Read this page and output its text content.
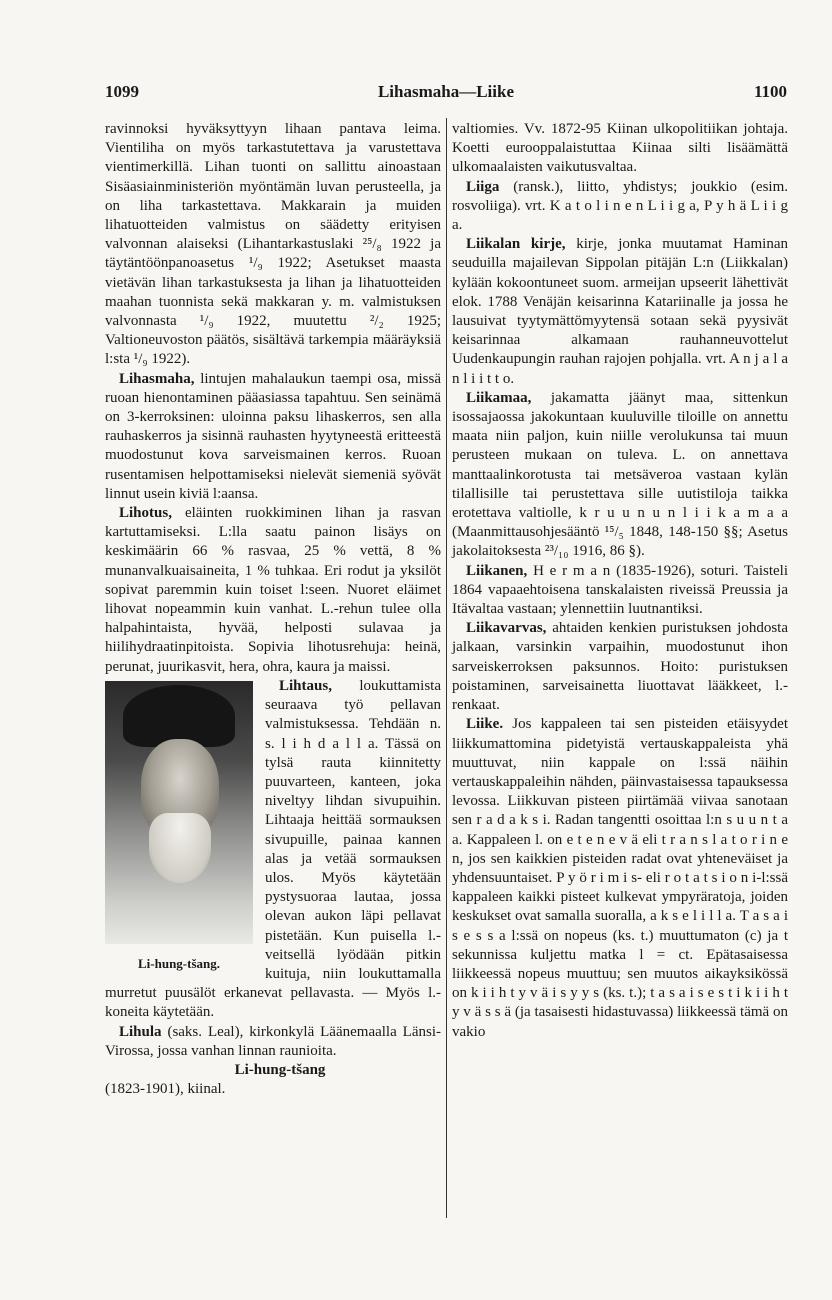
1099	Lihasmaha—Liike	1100

ravinnoksi hyväksyttyyn lihaan pantava leima. Vientiliha on myös tarkastutettava ja varustettava vientimerkillä. Lihan tuonti on sallittu ainoastaan Sisäasiainministeriön myöntämän luvan perusteella, ja on liha tarkastettava. Makkarain ja muiden lihatuotteiden valmistus on säädetty erityisen valvonnan alaiseksi (Lihantarkastuslaki ²⁵/₈ 1922 ja täytäntöönpanoasetus ¹/₉ 1922; Asetukset maasta vietävän lihan tarkastuksesta ja lihan ja lihatuotteiden maahan tuonnista sekä makkaran y. m. valmistuksen valvonnasta ¹/₉ 1922, muutettu ²/₂ 1925; Valtioneuvoston päätös, sisältävä tarkempia määräyksiä l:sta ¹/₉ 1922).

Lihasmaha, lintujen mahalaukun taempi osa, missä ruoan hienontaminen pääasiassa tapahtuu. Sen seinämä on 3-kerroksinen: uloinna paksu lihaskerros, sen alla rauhaskerros ja sisinnä rauhasten hyytyneestä eritteestä muodostunut kova sarveismainen kerros. Ruoan rusentamisen helpottamiseksi nielevät siemeniä syövät linnut usein kiviä l:aansa.

Lihotus, eläinten ruokkiminen lihan ja rasvan kartuttamiseksi. L:lla saatu painon lisäys on keskimäärin 66 % rasvaa, 25 % vettä, 8 % munanvalkuaisaineita, 1 % tuhkaa. Eri rodut ja yksilöt sopivat paremmin kuin toiset l:seen. Nuoret eläimet lihovat nopeammin kuin vanhat. L.-rehun tulee olla halpahintaista, hyvää, helposti sulavaa ja hiilihydraatinpitoista. Sopivia lihotusrehuja: heinä, perunat, juurikasvit, hera, ohra, kaura ja maissi.

Li-hung-tšang.

Lihtaus, loukuttamista seuraava työ pellavan valmistuksessa. Tehdään n. s. l i h d a l l a. Tässä on tylsä rauta kiinnitetty puuvarteen, kanteen, joka niveltyy lihdan sivupuihin. Lihtaaja heittää sormauksen sivupuille, painaa kannen alas ja vetää sormauksen ulos. Myös käytetään pystysuoraa lautaa, jossa olevan aukon läpi pellavat pistetään. Kun puisella l.-veitsellä lyödään pitkin kuituja, niin loukuttamalla murretut puusälöt erkanevat pellavasta. — Myös l.-koneita käytetään.

Lihula (saks. Leal), kirkonkylä Läänemaalla Länsi-Virossa, jossa vanhan linnan raunioita.

Li-hung-tšang

(1823-1901), kiinal.

valtiomies. Vv. 1872-95 Kiinan ulkopolitiikan johtaja. Koetti eurooppalaistuttaa Kiinaa silti lisäämättä ulkomaalaisten vaikutusvaltaa.

Liiga (ransk.), liitto, yhdistys; joukkio (esim. rosvoliiga). vrt. K a t o l i n e n L i i g a, P y h ä L i i g a.

Liikalan kirje, kirje, jonka muutamat Haminan seuduilla majailevan Sippolan pitäjän L:n (Liikkalan) kylään kokoontuneet suom. armeijan upseerit lähettivät elok. 1788 Venäjän keisarinna Katariinalle ja jossa he lausuivat tyytymättömyytensä sotaan sekä pyysivät keisarinnaa alkamaan rauhanneuvottelut Uudenkaupungin rauhan rajojen pohjalla. vrt. A n j a l a n l i i t t o.

Liikamaa, jakamatta jäänyt maa, sittenkun isossajaossa jakokuntaan kuuluville tiloille on annettu maata niin paljon, kuin niille verolukunsa tai muun perusteen mukaan on tuleva. L. on annettava manttaalinkorotusta tai metsäveroa vastaan kylän tilallisille tai perustettava sille uutistiloja taikka erotettava valtiolle, k r u u n u n l i i k a m a a (Maanmittausohjesääntö ¹⁵/₅ 1848, 148-150 §§; Asetus jakolaitoksesta ²³/₁₀ 1916, 86 §).

Liikanen, H e r m a n (1835-1926), soturi. Taisteli 1864 vapaaehtoisena tanskalaisten riveissä Preussia ja Itävaltaa vastaan; ylennettiin luutnantiksi.

Liikavarvas, ahtaiden kenkien puristuksen johdosta jalkaan, varsinkin varpaihin, muodostunut ihon sarveiskerroksen paksunnos. Hoito: puristuksen poistaminen, sarveisainetta liuottavat lääkkeet, l.-renkaat.

Liike. Jos kappaleen tai sen pisteiden etäisyydet liikkumattomina pidetyistä vertauskappaleista yhä muuttuvat, niin kappale on l:ssä näihin vertauskappaleihin nähden, päinvastaisessa tapauksessa levossa. Liikkuvan pisteen piirtämää viivaa sanotaan sen r a d a k s i. Radan tangentti osoittaa l:n s u u n t a a. Kappaleen l. on e t e n e v ä eli t r a n s l a t o r i n e n, jos sen kaikkien pisteiden radat ovat yhteneväiset ja yhdensuuntaiset. P y ö r i m i s- eli r o t a t s i o n i-l:ssä kappaleen kaikki pisteet kulkevat ympyräratoja, joiden keskukset ovat samalla suoralla, a k s e l i l l a. T a s a i s e s s a l:ssä on nopeus (ks. t.) muuttumaton (c) ja t sekunnissa kuljettu matka l = ct. Epätasaisessa liikkeessä nopeus muuttuu; sen muutos aikayksikössä on k i i h t y v ä i s y y s (ks. t.); t a s a i s e s t i k i i h t y v ä s s ä (ja tasaisesti hidastuvassa) liikkeessä tämä on vakio
